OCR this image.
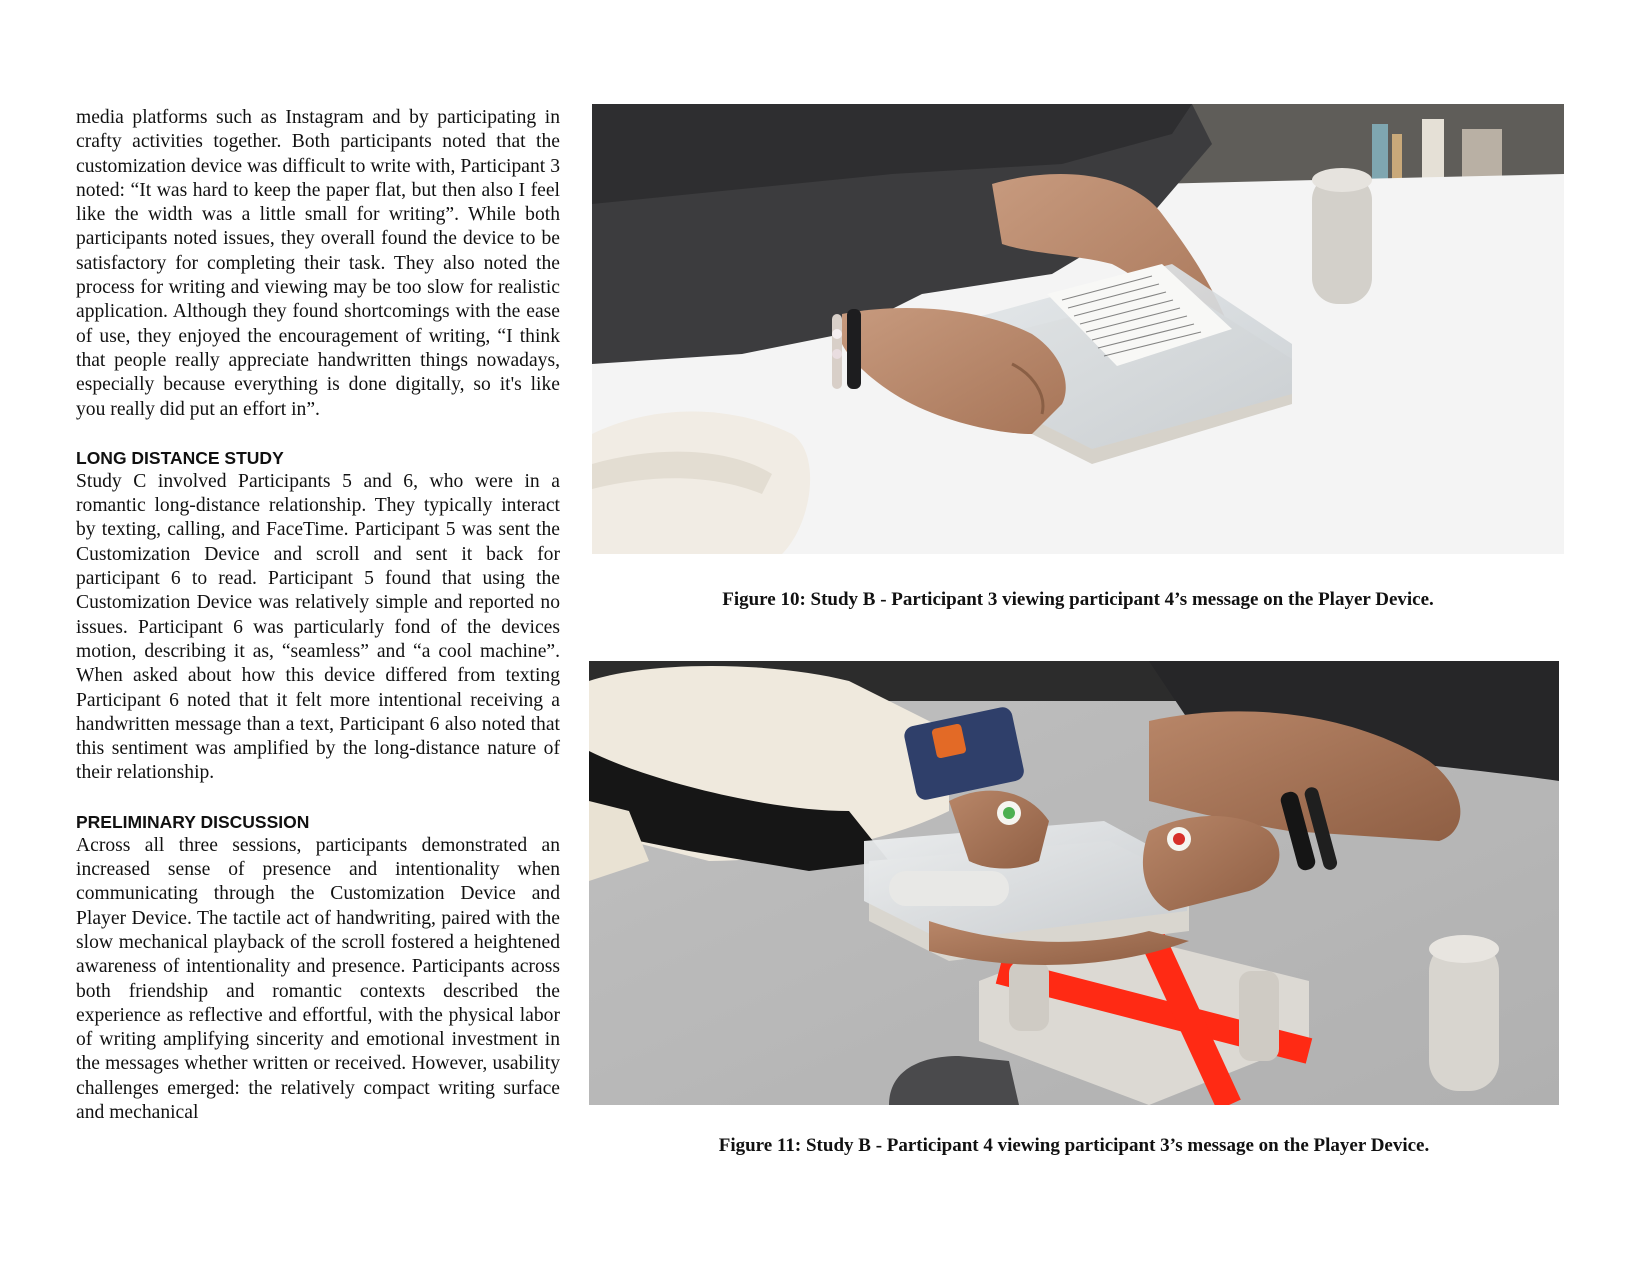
media platforms such as Instagram and by participating in crafty activities together. Both participants noted that the customization device was difficult to write with, Participant 3 noted: “It was hard to keep the paper flat, but then also I feel like the width was a little small for writing”. While both participants noted issues, they overall found the device to be satisfactory for completing their task. They also noted the process for writing and viewing may be too slow for realistic application. Although they found shortcomings with the ease of use, they enjoyed the encouragement of writing, “I think that people really appreciate handwritten things nowadays, especially because everything is done digitally, so it's like you really did put an effort in”.

LONG DISTANCE STUDY

Study C involved Participants 5 and 6, who were in a romantic long-distance relationship. They typically interact by texting, calling, and FaceTime. Participant 5 was sent the Customization Device and scroll and sent it back for participant 6 to read. Participant 5 found that using the Customization Device was relatively simple and reported no issues. Participant 6 was particularly fond of the devices motion, describing it as, “seamless” and “a cool machine”. When asked about how this device differed from texting Participant 6 noted that it felt more intentional receiving a handwritten message than a text, Participant 6 also noted that this sentiment was amplified by the long-distance nature of their relationship.

PRELIMINARY DISCUSSION

Across all three sessions, participants demonstrated an increased sense of presence and intentionality when communicating through the Customization Device and Player Device. The tactile act of handwriting, paired with the slow mechanical playback of the scroll fostered a heightened awareness of intentionality and presence. Participants across both friendship and romantic contexts described the experience as reflective and effortful, with the physical labor of writing amplifying sincerity and emotional investment in the messages whether written or received. However, usability challenges emerged: the relatively compact writing surface and mechanical

Figure 10: Study B - Participant 3 viewing participant 4’s message on the Player Device.
Figure 11: Study B - Participant 4 viewing participant 3’s message on the Player Device.
